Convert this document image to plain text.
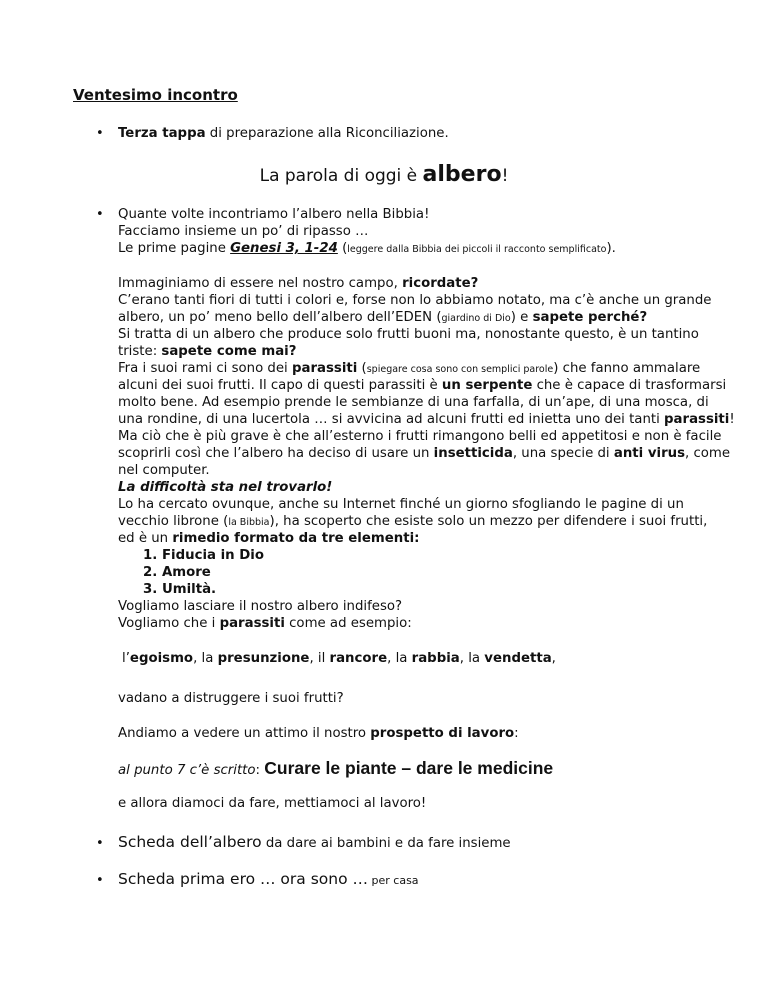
Ventesimo incontro
• Terza tappa di preparazione alla Riconciliazione.
La parola di oggi è albero!
• Quante volte incontriamo l’albero nella Bibbia!
Facciamo insieme un po’ di ripasso …
Le prime pagine Genesi 3, 1-24 (leggere dalla Bibbia dei piccoli il racconto semplificato).
Immaginiamo di essere nel nostro campo, ricordate?
C’erano tanti fiori di tutti i colori e, forse non lo abbiamo notato, ma c’è anche un grande
albero, un po’ meno bello dell’albero dell’EDEN (giardino di Dio) e sapete perché?
Si tratta di un albero che produce solo frutti buoni ma, nonostante questo, è un tantino
triste: sapete come mai?
Fra i suoi rami ci sono dei parassiti (spiegare cosa sono con semplici parole) che fanno ammalare
alcuni dei suoi frutti. Il capo di questi parassiti è un serpente che è capace di trasformarsi
molto bene. Ad esempio prende le sembianze di una farfalla, di un’ape, di una mosca, di
una rondine, di una lucertola … si avvicina ad alcuni frutti ed inietta uno dei tanti parassiti!
Ma ciò che è più grave è che all’esterno i frutti rimangono belli ed appetitosi e non è facile
scoprirli così che l’albero ha deciso di usare un insetticida, una specie di anti virus, come
nel computer.
La difficoltà sta nel trovarlo!
Lo ha cercato ovunque, anche su Internet finché un giorno sfogliando le pagine di un
vecchio librone (la Bibbia), ha scoperto che esiste solo un mezzo per difendere i suoi frutti,
ed è un rimedio formato da tre elementi:
1. Fiducia in Dio
2. Amore
3. Umiltà.
Vogliamo lasciare il nostro albero indifeso?
Vogliamo che i parassiti come ad esempio:
l’egoismo, la presunzione, il rancore, la rabbia, la vendetta,
vadano a distruggere i suoi frutti?
Andiamo a vedere un attimo il nostro prospetto di lavoro:
al punto 7 c’è scritto: Curare le piante – dare le medicine
e allora diamoci da fare, mettiamoci al lavoro!
• Scheda dell’albero da dare ai bambini e da fare insieme
• Scheda prima ero … ora sono … per casa
